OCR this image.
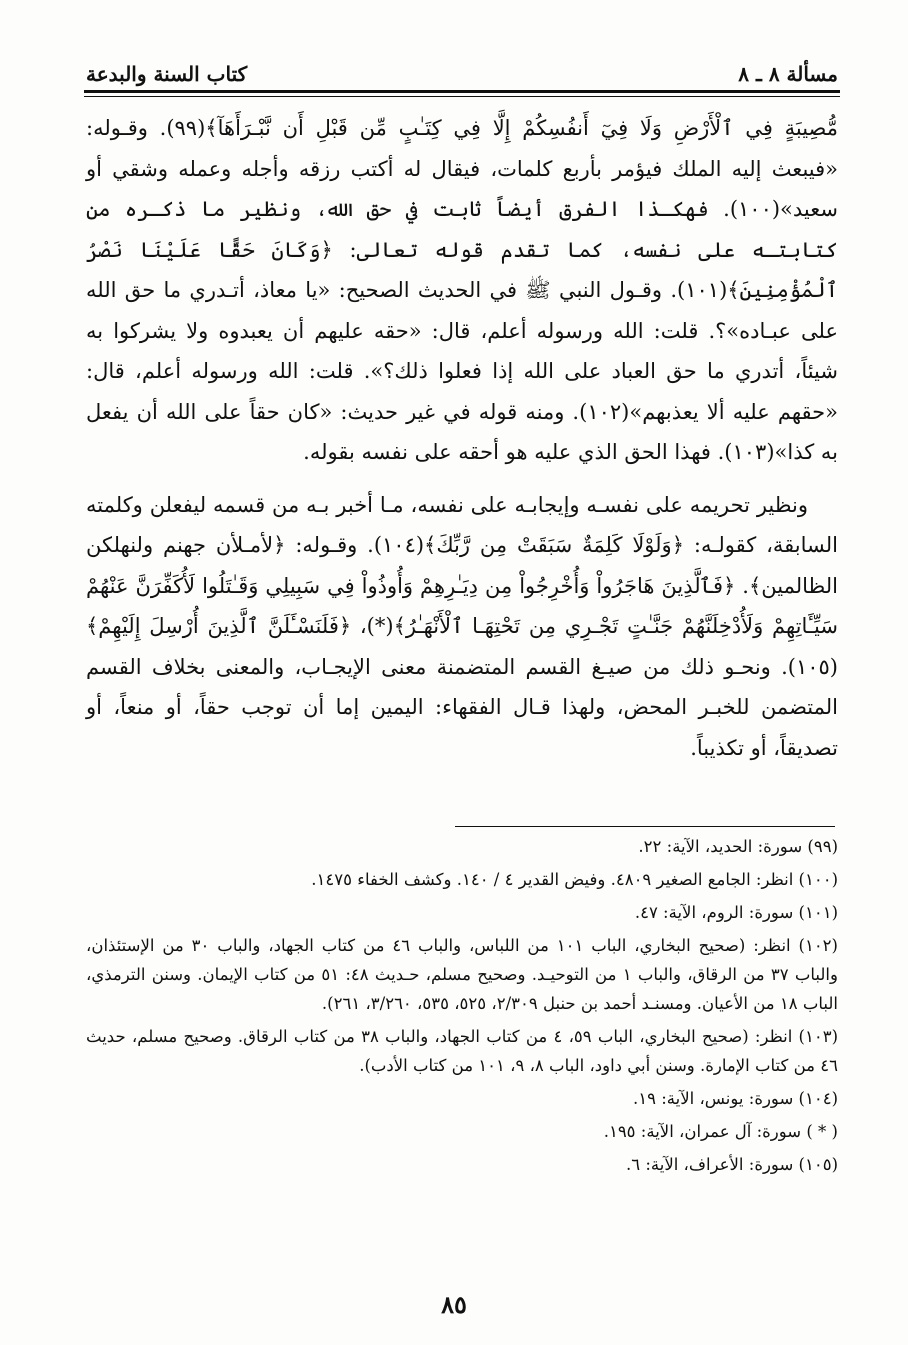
كتاب السنة والبدعة	مسألة ٨ ـ ٨

مُّصِيبَةٍ فِي ٱلْأَرْضِ وَلَا فِيٓ أَنفُسِكُمْ إِلَّا فِي كِتَـٰبٍ مِّن قَبْلِ أَن نَّبْـرَأَهَآ﴾(٩٩). وقـوله: «فيبعث إليه الملك فيؤمر بأربع كلمات، فيقال له أكتب رزقه وأجله وعمله وشقي أو سعيد»(١٠٠). فهكـذا الفرق أيضاً ثابت في حق الله، ونظير ما ذكـره من كتابتـه على نفسه، كما تقدم قوله تعالى: ﴿وَكَانَ حَقًّا عَلَيْنَا نَصْرُ ٱلْمُؤْمِنِينَ﴾(١٠١). وقـول النبي ﷺ في الحديث الصحيح: «يا معاذ، أتـدري ما حق الله على عبـاده»؟. قلت: الله ورسوله أعلم، قال: «حقه عليهم أن يعبدوه ولا يشركوا به شيئاً، أتدري ما حق العباد على الله إذا فعلوا ذلك؟». قلت: الله ورسوله أعلم، قال: «حقهم عليه ألا يعذبهم»(١٠٢). ومنه قوله في غير حديث: «كان حقاً على الله أن يفعل به كذا»(١٠٣). فهذا الحق الذي عليه هو أحقه على نفسه بقوله.

ونظير تحريمه على نفسـه وإيجابـه على نفسه، مـا أخبر بـه من قسمه ليفعلن وكلمته السابقة، كقولـه: ﴿وَلَوْلَا كَلِمَةٌ سَبَقَتْ مِن رَّبِّكَ﴾(١٠٤). وقـوله: ﴿لأمـلأن جهنم ولنهلكن الظالمين﴾. ﴿فَٱلَّذِينَ هَاجَرُواْ وَأُخْرِجُواْ مِن دِيَـٰرِهِمْ وَأُوذُواْ فِي سَبِيلِي وَقَـٰتَلُوا لَأُكَفِّرَنَّ عَنْهُمْ سَيِّـَٔاتِهِمْ وَلَأُدْخِلَنَّهُمْ جَنَّـٰتٍ تَجْـرِي مِن تَحْتِهَـا ٱلْأَنْهَـٰرُ﴾(*)، ﴿فَلَنَسْـَٔلَنَّ ٱلَّذِينَ أُرْسِلَ إِلَيْهِمْ﴾(١٠٥). ونحـو ذلك من صيـغ القسم المتضمنة معنى الإيجـاب، والمعنى بخلاف القسم المتضمن للخبـر المحض، ولهذا قـال الفقهاء: اليمين إما أن توجب حقاً، أو منعاً، أو تصديقاً، أو تكذيباً.

(٩٩) سورة: الحديد، الآية: ٢٢.

(١٠٠) انظر: الجامع الصغير ٤٨٠٩. وفيض القدير ٤ / ١٤٠. وكشف الخفاء ١٤٧٥.

(١٠١) سورة: الروم، الآية: ٤٧.

(١٠٢) انظر: (صحيح البخاري، الباب ١٠١ من اللباس، والباب ٤٦ من كتاب الجهاد، والباب ٣٠ من الإستئذان، والباب ٣٧ من الرقاق، والباب ١ من التوحيـد. وصحيح مسلم، حـديث ٤٨: ٥١ من كتاب الإيمان. وسنن الترمذي، الباب ١٨ من الأعيان. ومسنـد أحمد بن حنبل ٢/٣٠٩، ٥٢٥، ٥٣٥، ٣/٢٦٠، ٢٦١).

(١٠٣) انظر: (صحيح البخاري، الباب ٥٩، ٤ من كتاب الجهاد، والباب ٣٨ من كتاب الرقاق. وصحيح مسلم، حديث ٤٦ من كتاب الإمارة. وسنن أبي داود، الباب ٨، ٩، ١٠١ من كتاب الأدب).

(١٠٤) سورة: يونس، الآية: ١٩.

( * ) سورة: آل عمران، الآية: ١٩٥.

(١٠٥) سورة: الأعراف، الآية: ٦.

٨٥
